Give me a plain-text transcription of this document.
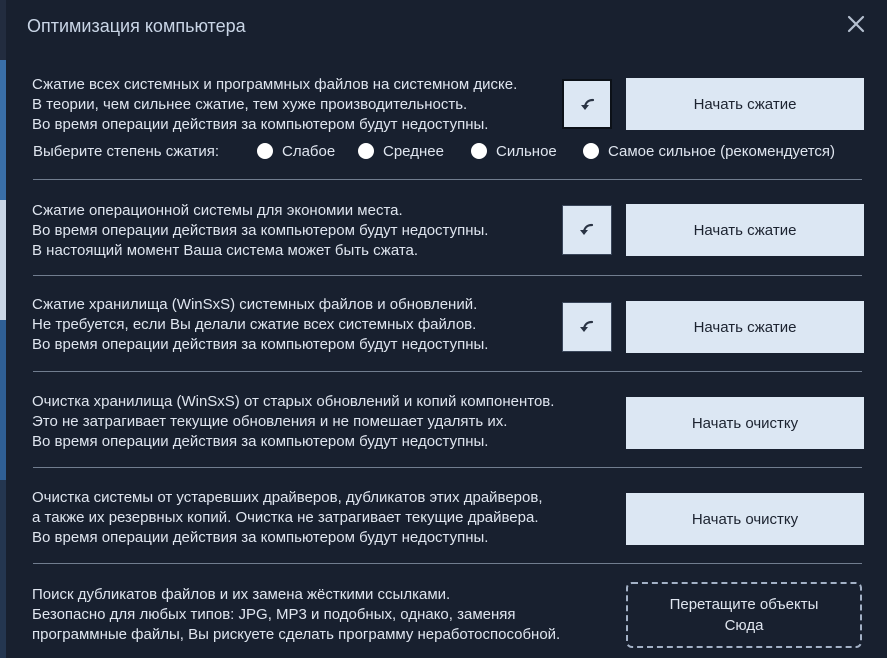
Оптимизация компьютера
Сжатие всех системных и программных файлов на системном диске.
В теории, чем сильнее сжатие, тем хуже производительность.
Во время операции действия за компьютером будут недоступны.
Начать сжатие
Выберите степень сжатия:	Слабое	Среднее	Сильное	Самое сильное (рекомендуется)
Сжатие операционной системы для экономии места.
Во время операции действия за компьютером будут недоступны.
В настоящий момент Ваша система может быть сжата.
Начать сжатие
Сжатие хранилища (WinSxS) системных файлов и обновлений.
Не требуется, если Вы делали сжатие всех системных файлов.
Во время операции действия за компьютером будут недоступны.
Начать сжатие
Очистка хранилища (WinSxS) от старых обновлений и копий компонентов.
Это не затрагивает текущие обновления и не помешает удалять их.
Во время операции действия за компьютером будут недоступны.
Начать очистку
Очистка системы от устаревших драйверов, дубликатов этих драйверов,
а также их резервных копий. Очистка не затрагивает текущие драйвера.
Во время операции действия за компьютером будут недоступны.
Начать очистку
Поиск дубликатов файлов и их замена жёсткими ссылками.
Безопасно для любых типов: JPG, MP3 и подобных, однако, заменяя
программные файлы, Вы рискуете сделать программу неработоспособной.
Перетащите объекты
Сюда
